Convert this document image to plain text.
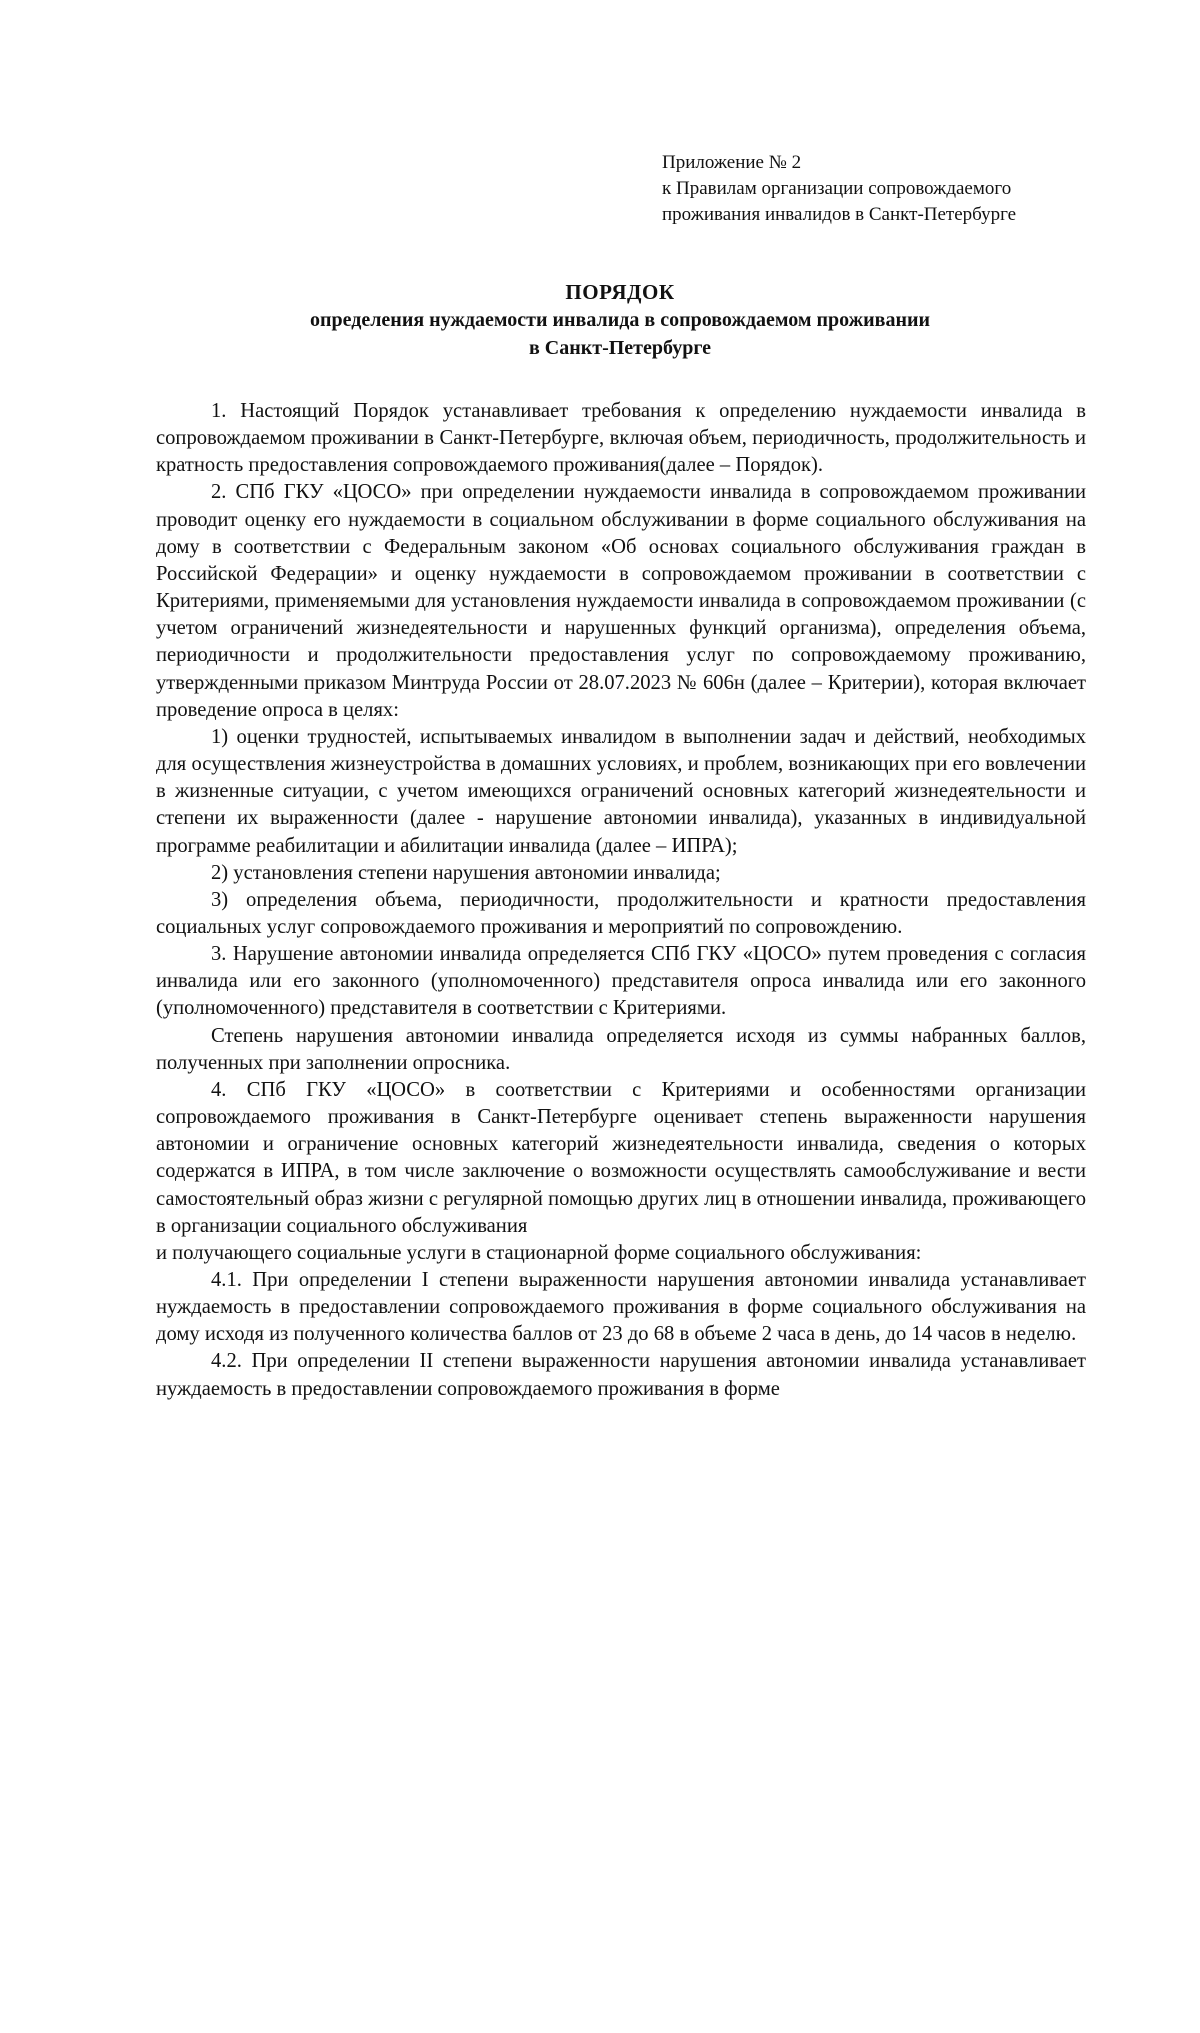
Приложение № 2
к Правилам организации сопровождаемого
проживания инвалидов в Санкт-Петербурге
ПОРЯДОК
определения нуждаемости инвалида в сопровождаемом проживании
в Санкт-Петербурге

1. Настоящий Порядок устанавливает требования к определению нуждаемости инвалида в сопровождаемом проживании в Санкт-Петербурге, включая объем, периодичность, продолжительность и кратность предоставления сопровождаемого проживания(далее – Порядок).

2. СПб ГКУ «ЦОСО» при определении нуждаемости инвалида в сопровождаемом проживании проводит оценку его нуждаемости в социальном обслуживании в форме социального обслуживания на дому в соответствии с Федеральным законом «Об основах социального обслуживания граждан в Российской Федерации» и оценку нуждаемости в сопровождаемом проживании в соответствии с Критериями, применяемыми для установления нуждаемости инвалида в сопровождаемом проживании (с учетом ограничений жизнедеятельности и нарушенных функций организма), определения объема, периодичности и продолжительности предоставления услуг по сопровождаемому проживанию, утвержденными приказом Минтруда России от 28.07.2023 № 606н (далее – Критерии), которая включает проведение опроса в целях:

1) оценки трудностей, испытываемых инвалидом в выполнении задач и действий, необходимых для осуществления жизнеустройства в домашних условиях, и проблем, возникающих при его вовлечении в жизненные ситуации, с учетом имеющихся ограничений основных категорий жизнедеятельности и степени их выраженности (далее - нарушение автономии инвалида), указанных в индивидуальной программе реабилитации и абилитации инвалида (далее – ИПРА);

2) установления степени нарушения автономии инвалида;

3) определения объема, периодичности, продолжительности и кратности предоставления социальных услуг сопровождаемого проживания и мероприятий по сопровождению.

3. Нарушение автономии инвалида определяется СПб ГКУ «ЦОСО» путем проведения с согласия инвалида или его законного (уполномоченного) представителя опроса инвалида или его законного (уполномоченного) представителя в соответствии с Критериями.

Степень нарушения автономии инвалида определяется исходя из суммы набранных баллов, полученных при заполнении опросника.

4. СПб ГКУ «ЦОСО» в соответствии с Критериями и особенностями организации сопровождаемого проживания в Санкт-Петербурге оценивает степень выраженности нарушения автономии и ограничение основных категорий жизнедеятельности инвалида, сведения о которых содержатся в ИПРА, в том числе заключение о возможности осуществлять самообслуживание и вести самостоятельный образ жизни с регулярной помощью других лиц в отношении инвалида, проживающего в организации социального обслуживания

и получающего социальные услуги в стационарной форме социального обслуживания:

4.1. При определении I степени выраженности нарушения автономии инвалида устанавливает нуждаемость в предоставлении сопровождаемого проживания в форме социального обслуживания на дому исходя из полученного количества баллов от 23 до 68 в объеме 2 часа в день, до 14 часов в неделю.

4.2. При определении II степени выраженности нарушения автономии инвалида устанавливает нуждаемость в предоставлении сопровождаемого проживания в форме
